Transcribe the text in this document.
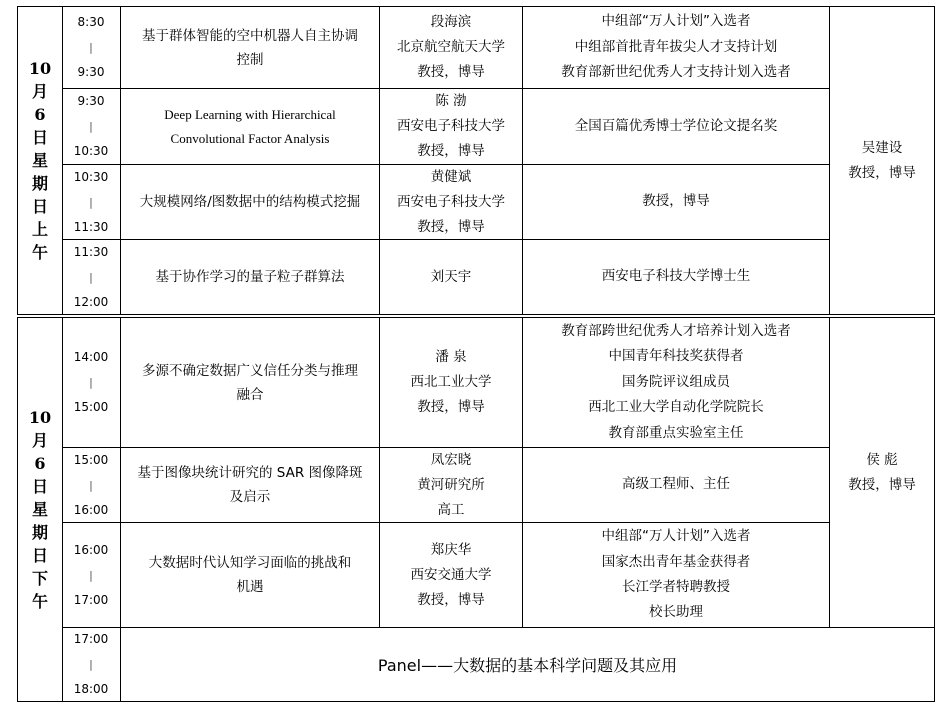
10
月
6
日
星
期
日
上
午
8:30
|
9:30
基于群体智能的空中机器人自主协调
控制
段海滨
北京航空航天大学
教授，博导
中组部“万人计划”入选者
中组部首批青年拔尖人才支持计划
教育部新世纪优秀人才支持计划入选者
9:30
|
10:30
Deep Learning with Hierarchical
Convolutional Factor Analysis
陈 渤
西安电子科技大学
教授，博导
全国百篇优秀博士学位论文提名奖
10:30
|
11:30
大规模网络/图数据中的结构模式挖掘
黄健斌
西安电子科技大学
教授，博导
教授，博导
11:30
|
12:00
基于协作学习的量子粒子群算法	刘天宇	西安电子科技大学博士生
吴建设
教授，博导
10
月
6
日
星
期
日
下
午
14:00
|
15:00
多源不确定数据广义信任分类与推理
融合
潘 泉
西北工业大学
教授，博导
教育部跨世纪优秀人才培养计划入选者
中国青年科技奖获得者
国务院评议组成员
西北工业大学自动化学院院长
教育部重点实验室主任
15:00
|
16:00
基于图像块统计研究的 SAR 图像降斑
及启示
凤宏晓
黄河研究所
高工
高级工程师、主任
16:00
|
17:00
大数据时代认知学习面临的挑战和
机遇
郑庆华
西安交通大学
教授，博导
中组部“万人计划”入选者
国家杰出青年基金获得者
长江学者特聘教授
校长助理
侯 彪
教授，博导
17:00
|
18:00
Panel——大数据的基本科学问题及其应用
